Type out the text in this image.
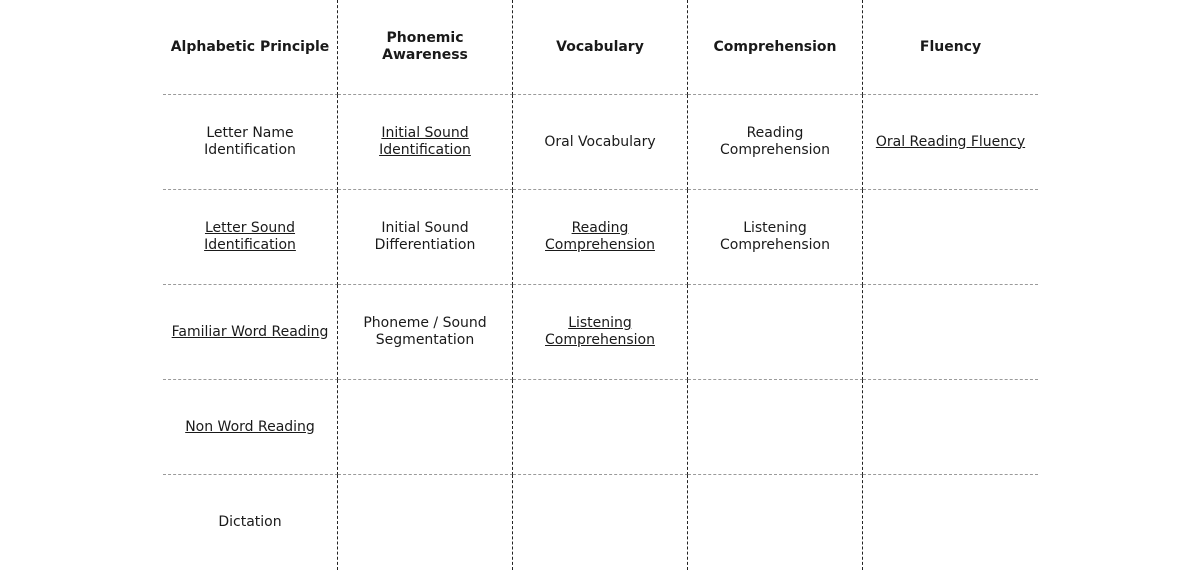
Alphabetic Principle
Phonemic Awareness
Vocabulary	Comprehension	Fluency
Letter Name Identification
Initial Sound Identification
Oral Vocabulary
Reading Comprehension
Oral Reading Fluency
Letter Sound Identification
Initial Sound Differentiation
Reading Comprehension
Listening Comprehension
Familiar Word Reading
Phoneme / Sound Segmentation
Listening Comprehension
Non Word Reading
Dictation
